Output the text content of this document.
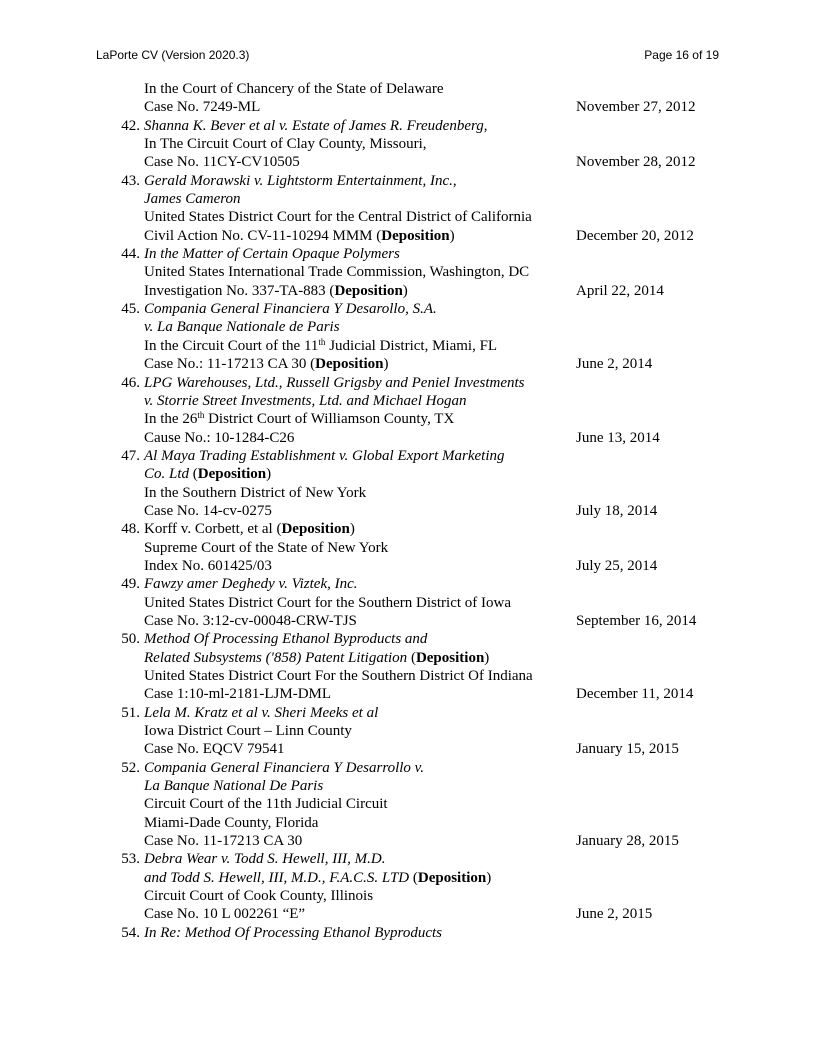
LaPorte CV (Version 2020.3)	Page 16 of 19
In the Court of Chancery of the State of Delaware
Case No. 7249-ML	November 27, 2012
42. Shanna K. Bever et al v. Estate of James R. Freudenberg,
In The Circuit Court of Clay County, Missouri,
Case No. 11CY-CV10505	November 28, 2012
43. Gerald Morawski v. Lightstorm Entertainment, Inc.,
James Cameron
United States District Court for the Central District of California
Civil Action No. CV-11-10294 MMM (Deposition)	December 20, 2012
44. In the Matter of Certain Opaque Polymers
United States International Trade Commission, Washington, DC
Investigation No. 337-TA-883 (Deposition)	April 22, 2014
45. Compania General Financiera Y Desarollo, S.A.
v. La Banque Nationale de Paris
In the Circuit Court of the 11th Judicial District, Miami, FL
Case No.: 11-17213 CA 30 (Deposition)	June 2, 2014
46. LPG Warehouses, Ltd., Russell Grigsby and Peniel Investments
v. Storrie Street Investments, Ltd. and Michael Hogan
In the 26th District Court of Williamson County, TX
Cause No.: 10-1284-C26	June 13, 2014
47. Al Maya Trading Establishment v. Global Export Marketing
Co. Ltd (Deposition)
In the Southern District of New York
Case No. 14-cv-0275	July 18, 2014
48. Korff v. Corbett, et al (Deposition)
Supreme Court of the State of New York
Index No. 601425/03	July 25, 2014
49. Fawzy amer Deghedy v. Viztek, Inc.
United States District Court for the Southern District of Iowa
Case No. 3:12-cv-00048-CRW-TJS	September 16, 2014
50. Method Of Processing Ethanol Byproducts and
Related Subsystems ('858) Patent Litigation (Deposition)
United States District Court For the Southern District Of Indiana
Case 1:10-ml-2181-LJM-DML	December 11, 2014
51. Lela M. Kratz et al v. Sheri Meeks et al
Iowa District Court – Linn County
Case No. EQCV 79541	January 15, 2015
52. Compania General Financiera Y Desarrollo v.
La Banque National De Paris
Circuit Court of the 11th Judicial Circuit
Miami-Dade County, Florida
Case No. 11-17213 CA 30	January 28, 2015
53. Debra Wear v. Todd S. Hewell, III, M.D.
and Todd S. Hewell, III, M.D., F.A.C.S. LTD (Deposition)
Circuit Court of Cook County, Illinois
Case No. 10 L 002261 “E”	June 2, 2015
54. In Re: Method Of Processing Ethanol Byproducts
